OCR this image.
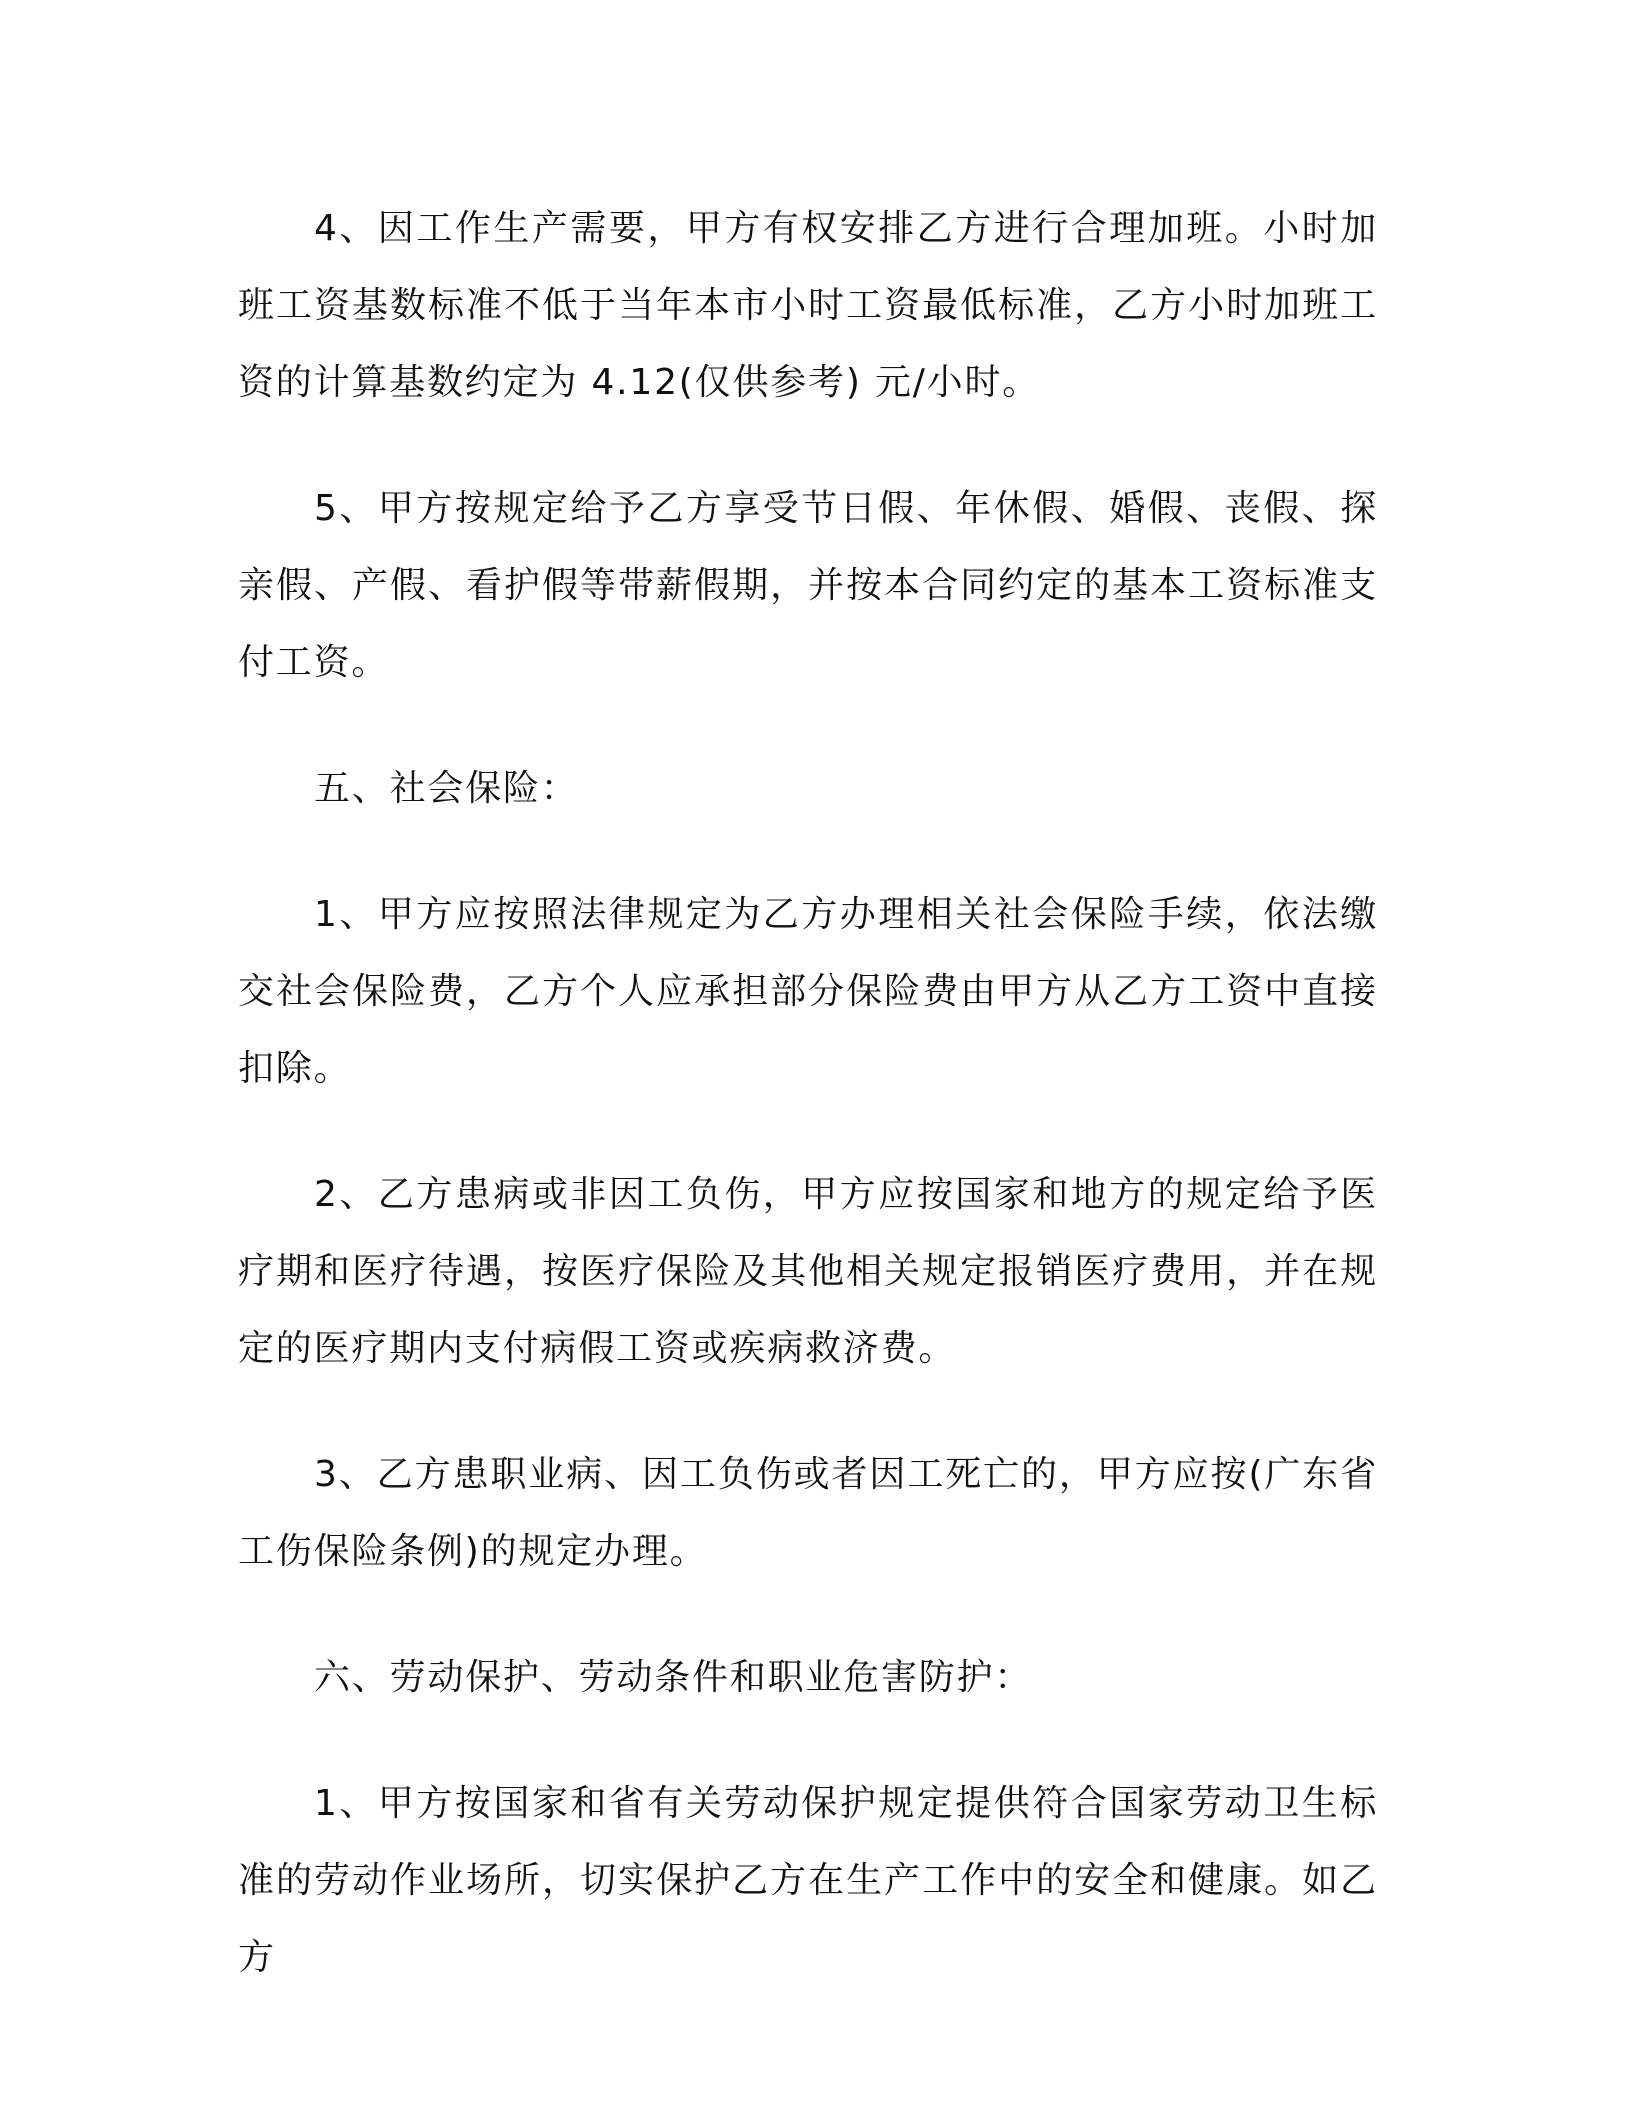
4、因工作生产需要，甲方有权安排乙方进行合理加班。小时加班工资基数标准不低于当年本市小时工资最低标准，乙方小时加班工资的计算基数约定为 4.12(仅供参考) 元/小时。

5、甲方按规定给予乙方享受节日假、年休假、婚假、丧假、探亲假、产假、看护假等带薪假期，并按本合同约定的基本工资标准支付工资。

五、社会保险：

1、甲方应按照法律规定为乙方办理相关社会保险手续，依法缴交社会保险费，乙方个人应承担部分保险费由甲方从乙方工资中直接扣除。

2、乙方患病或非因工负伤，甲方应按国家和地方的规定给予医疗期和医疗待遇，按医疗保险及其他相关规定报销医疗费用，并在规定的医疗期内支付病假工资或疾病救济费。

3、乙方患职业病、因工负伤或者因工死亡的，甲方应按(广东省工伤保险条例)的规定办理。

六、劳动保护、劳动条件和职业危害防护：

1、甲方按国家和省有关劳动保护规定提供符合国家劳动卫生标准的劳动作业场所，切实保护乙方在生产工作中的安全和健康。如乙方
